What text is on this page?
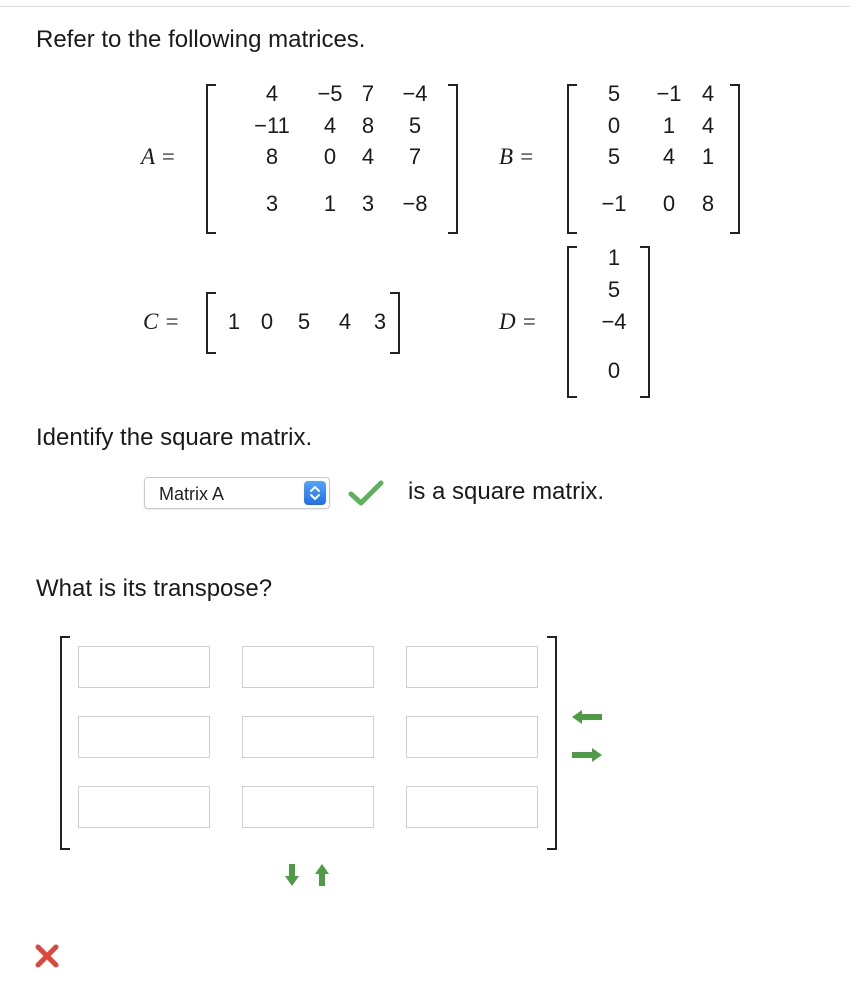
Refer to the following matrices.
A =
4	−5 7	−4
−11	4	8	5
8	0	4	7
3	1	3	−8
B =
5	−1 4
0	1	4
5	4	1
−1	0	8
C =	1 0	5	4	3	D =
1
5
−4
0
Identify the square matrix.
Matrix A	is a square matrix.
What is its transpose?
